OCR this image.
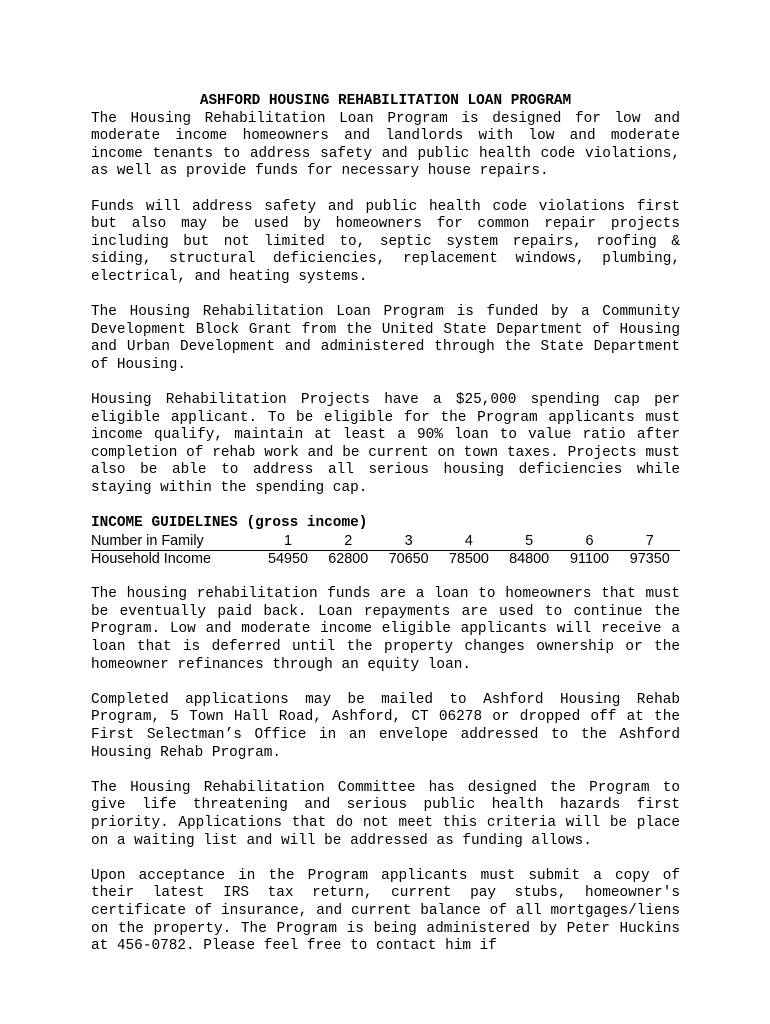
ASHFORD HOUSING REHABILITATION LOAN PROGRAM

The Housing Rehabilitation Loan Program is designed for low and moderate income homeowners and landlords with low and moderate income tenants to address safety and public health code violations, as well as provide funds for necessary house repairs.

Funds will address safety and public health code violations first but also may be used by homeowners for common repair projects including but not limited to, septic system repairs, roofing & siding, structural deficiencies, replacement windows, plumbing, electrical, and heating systems.

The Housing Rehabilitation Loan Program is funded by a Community Development Block Grant from the United State Department of Housing and Urban Development and administered through the State Department of Housing.

Housing Rehabilitation Projects have a $25,000 spending cap per eligible applicant. To be eligible for the Program applicants must income qualify, maintain at least a 90% loan to value ratio after completion of rehab work and be current on town taxes. Projects must also be able to address all serious housing deficiencies while staying within the spending cap.

INCOME GUIDELINES (gross income)
Number in Family	1	2	3	4	5	6	7
Household Income	54950	62800	70650	78500	84800	91100	97350

The housing rehabilitation funds are a loan to homeowners that must be eventually paid back. Loan repayments are used to continue the Program. Low and moderate income eligible applicants will receive a loan that is deferred until the property changes ownership or the homeowner refinances through an equity loan.

Completed applications may be mailed to Ashford Housing Rehab Program, 5 Town Hall Road, Ashford, CT 06278 or dropped off at the First Selectman’s Office in an envelope addressed to the Ashford Housing Rehab Program.

The Housing Rehabilitation Committee has designed the Program to give life threatening and serious public health hazards first priority. Applications that do not meet this criteria will be place on a waiting list and will be addressed as funding allows.

Upon acceptance in the Program applicants must submit a copy of their latest IRS tax return, current pay stubs, homeowner's certificate of insurance, and current balance of all mortgages/liens on the property. The Program is being administered by Peter Huckins at 456-0782. Please feel free to contact him if
